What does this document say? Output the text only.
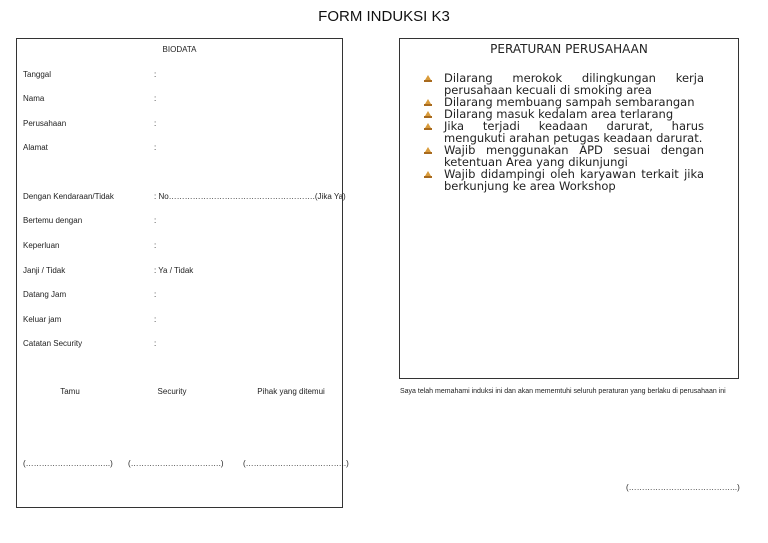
FORM INDUKSI K3
BIODATA
Tanggal	:
Nama	:
Perusahaan	:
Alamat	:
Dengan Kendaraan/Tidak	: No……………………………………………….(Jika Ya)
Bertemu dengan	:
Keperluan	:
Janji / Tidak	: Ya / Tidak
Datang Jam	:
Keluar jam	:
Catatan Security	:
Tamu	Security	Pihak yang ditemui
(…………………………..) (…………………………….) (………………………………..)
PERATURAN PERUSAHAAN
Dilarang merokok dilingkungan kerja perusahaan kecuali di smoking area
Dilarang membuang sampah sembarangan
Dilarang masuk kedalam area terlarang
Jika terjadi keadaan darurat, harus mengukuti arahan petugas keadaan darurat.
Wajib menggunakan APD sesuai dengan ketentuan Area yang dikunjungi
Wajib didampingi oleh karyawan terkait jika berkunjung ke area Workshop
Saya telah memahami induksi ini dan akan mememtuhi seluruh peraturan yang berlaku di perusahaan ini
(…………………………………..)
